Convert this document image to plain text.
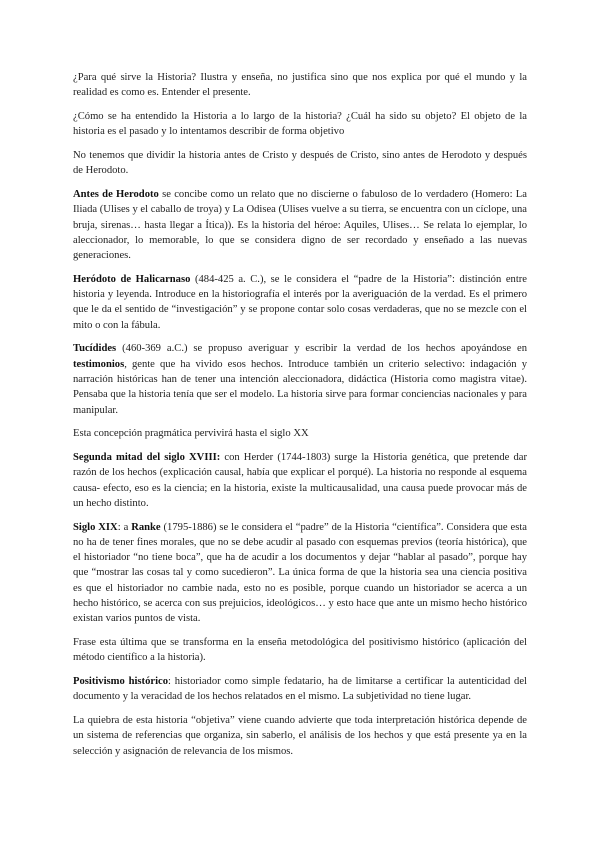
¿Para qué sirve la Historia? Ilustra y enseña, no justifica sino que nos explica por qué el mundo y la realidad es como es. Entender el presente.

¿Cómo se ha entendido la Historia a lo largo de la historia? ¿Cuál ha sido su objeto? El objeto de la historia es el pasado y lo intentamos describir de forma objetivo

No tenemos que dividir la historia antes de Cristo y después de Cristo, sino antes de Herodoto y después de Herodoto.

Antes de Herodoto se concibe como un relato que no discierne o fabuloso de lo verdadero (Homero: La Iliada (Ulises y el caballo de troya) y La Odisea (Ulises vuelve a su tierra, se encuentra con un cíclope, una bruja, sirenas… hasta llegar a Ítica)). Es la historia del héroe: Aquiles, Ulises… Se relata lo ejemplar, lo aleccionador, lo memorable, lo que se considera digno de ser recordado y enseñado a las nuevas generaciones.

Heródoto de Halicarnaso (484-425 a. C.), se le considera el “padre de la Historia”: distinción entre historia y leyenda. Introduce en la historiografía el interés por la averiguación de la verdad. Es el primero que le da el sentido de “investigación” y se propone contar solo cosas verdaderas, que no se mezcle con el mito o con la fábula.

Tucídides (460-369 a.C.) se propuso averiguar y escribir la verdad de los hechos apoyándose en testimonios, gente que ha vivido esos hechos. Introduce también un criterio selectivo: indagación y narración históricas han de tener una intención aleccionadora, didáctica (Historia como magistra vitae). Pensaba que la historia tenía que ser el modelo. La historia sirve para formar conciencias nacionales y para manipular.

Esta concepción pragmática pervivirá hasta el siglo XX

Segunda mitad del siglo XVIII: con Herder (1744-1803) surge la Historia genética, que pretende dar razón de los hechos (explicación causal, había que explicar el porqué). La historia no responde al esquema causa- efecto, eso es la ciencia; en la historia, existe la multicausalidad, una causa puede provocar más de un hecho distinto.

Siglo XIX: a Ranke (1795-1886) se le considera el “padre” de la Historia “científica”. Considera que esta no ha de tener fines morales, que no se debe acudir al pasado con esquemas previos (teoría histórica), que el historiador “no tiene boca”, que ha de acudir a los documentos y dejar “hablar al pasado”, porque hay que “mostrar las cosas tal y como sucedieron”. La única forma de que la historia sea una ciencia positiva es que el historiador no cambie nada, esto no es posible, porque cuando un historiador se acerca a un hecho histórico, se acerca con sus prejuicios, ideológicos… y esto hace que ante un mismo hecho histórico existan varios puntos de vista.

Frase esta última que se transforma en la enseña metodológica del positivismo histórico (aplicación del método científico a la historia).

Positivismo histórico: historiador como simple fedatario, ha de limitarse a certificar la autenticidad del documento y la veracidad de los hechos relatados en el mismo. La subjetividad no tiene lugar.

La quiebra de esta historia “objetiva” viene cuando advierte que toda interpretación histórica depende de un sistema de referencias que organiza, sin saberlo, el análisis de los hechos y que está presente ya en la selección y asignación de relevancia de los mismos.
